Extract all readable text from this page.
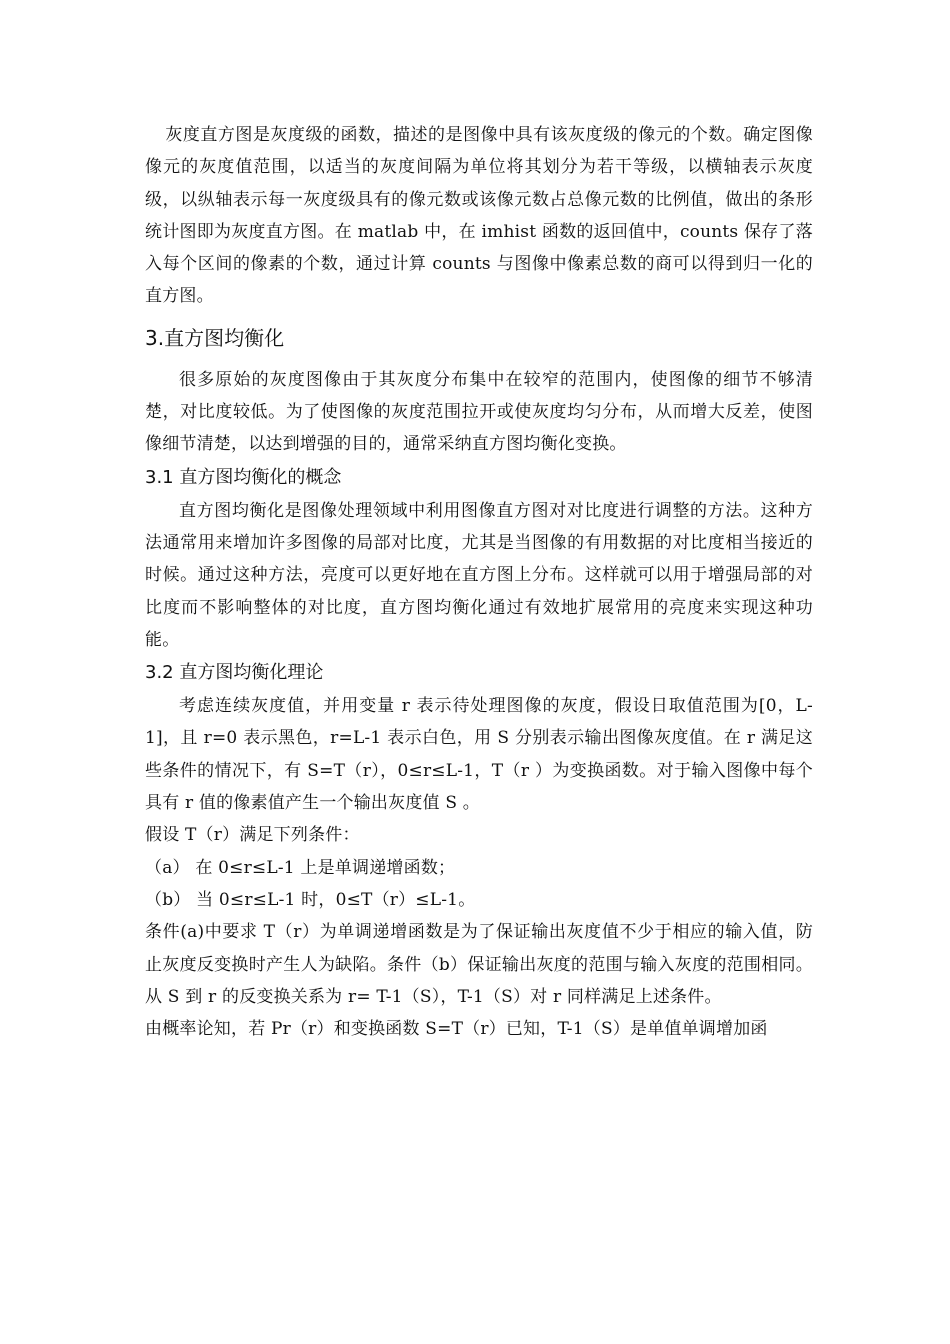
灰度直方图是灰度级的函数，描述的是图像中具有该灰度级的像元的个数。确定图像像元的灰度值范围，以适当的灰度间隔为单位将其划分为若干等级，以横轴表示灰度级，以纵轴表示每一灰度级具有的像元数或该像元数占总像元数的比例值，做出的条形统计图即为灰度直方图。在 matlab 中，在 imhist 函数的返回值中，counts 保存了落入每个区间的像素的个数，通过计算 counts 与图像中像素总数的商可以得到归一化的直方图。

3.直方图均衡化

很多原始的灰度图像由于其灰度分布集中在较窄的范围内，使图像的细节不够清楚，对比度较低。为了使图像的灰度范围拉开或使灰度均匀分布，从而增大反差，使图像细节清楚，以达到增强的目的，通常采纳直方图均衡化变换。

3.1 直方图均衡化的概念

直方图均衡化是图像处理领域中利用图像直方图对对比度进行调整的方法。这种方法通常用来增加许多图像的局部对比度，尤其是当图像的有用数据的对比度相当接近的时候。通过这种方法，亮度可以更好地在直方图上分布。这样就可以用于增强局部的对比度而不影响整体的对比度，直方图均衡化通过有效地扩展常用的亮度来实现这种功能。

3.2 直方图均衡化理论

考虑连续灰度值，并用变量 r 表示待处理图像的灰度，假设日取值范围为[0，L-1]，且 r=0 表示黑色，r=L-1 表示白色，用 S 分别表示输出图像灰度值。在 r 满足这些条件的情况下，有 S=T（r），0≤r≤L-1，T（r ）为变换函数。对于输入图像中每个具有 r 值的像素值产生一个输出灰度值 S 。

假设 T（r）满足下列条件：

（a） 在 0≤r≤L-1 上是单调递增函数；

（b） 当 0≤r≤L-1 时，0≤T（r）≤L-1。

条件(a)中要求 T（r）为单调递增函数是为了保证输出灰度值不少于相应的输入值，防止灰度反变换时产生人为缺陷。条件（b）保证输出灰度的范围与输入灰度的范围相同。从 S 到 r 的反变换关系为 r= T-1（S），T-1（S）对 r 同样满足上述条件。

由概率论知，若 Pr（r）和变换函数 S=T（r）已知，T-1（S）是单值单调增加函
